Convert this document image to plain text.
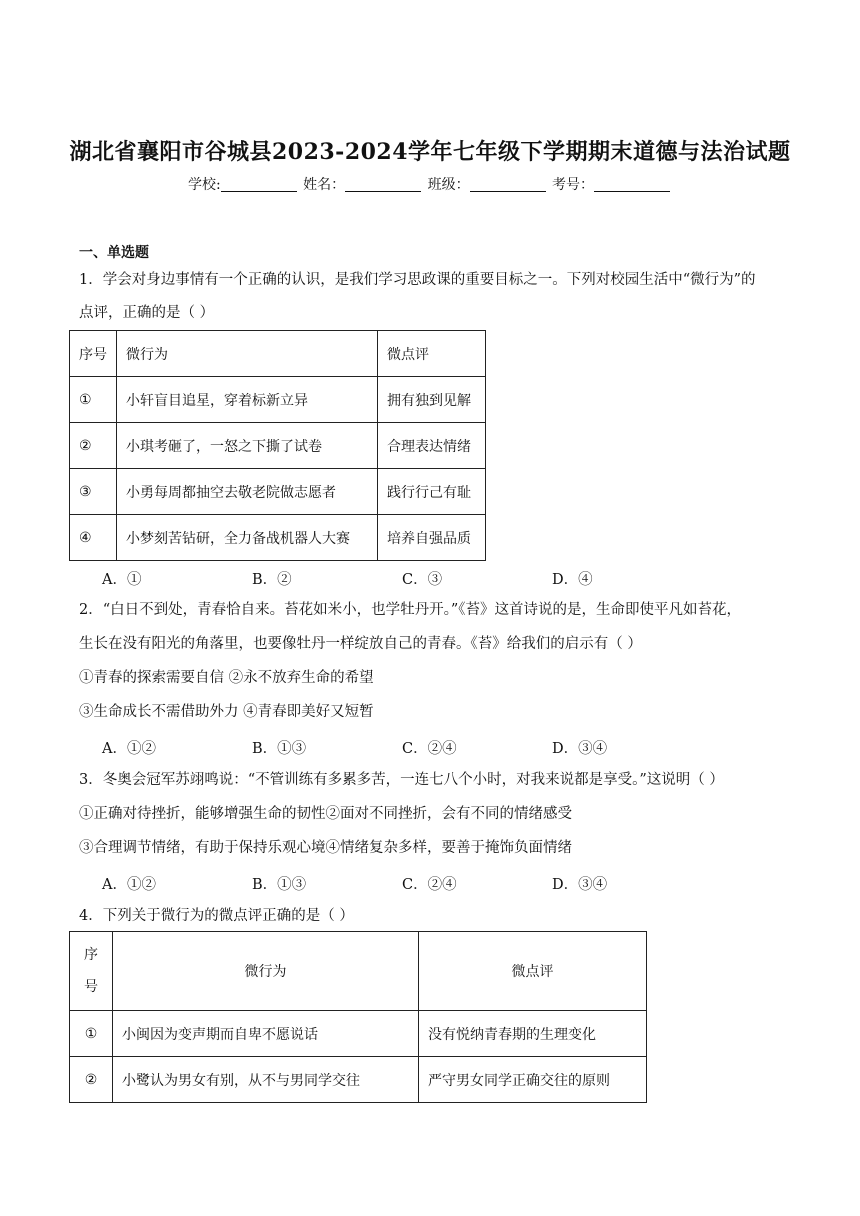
湖北省襄阳市谷城县2023-2024学年七年级下学期期末道德与法治试题
学校:	姓名：	班级：	考号：
一、单选题
1．学会对身边事情有一个正确的认识，是我们学习思政课的重要目标之一。下列对校园生活中“微行为”的
点评，正确的是（ ）
序号	微行为	微点评
①	小轩盲目追星，穿着标新立异	拥有独到见解
②	小琪考砸了，一怒之下撕了试卷	合理表达情绪
③	小勇每周都抽空去敬老院做志愿者	践行行己有耻
④	小梦刻苦钻研，全力备战机器人大赛	培养自强品质
A．①	B．②	C．③	D．④
2．“白日不到处，青春恰自来。苔花如米小，也学牡丹开。”《苔》这首诗说的是，生命即使平凡如苔花，
生长在没有阳光的角落里，也要像牡丹一样绽放自己的青春。《苔》给我们的启示有（ ）
①青春的探索需要自信 ②永不放弃生命的希望
③生命成长不需借助外力 ④青春即美好又短暂
A．①②	B．①③	C．②④	D．③④
3．冬奥会冠军苏翊鸣说：“不管训练有多累多苦，一连七八个小时，对我来说都是享受。”这说明（ ）
①正确对待挫折，能够增强生命的韧性②面对不同挫折，会有不同的情绪感受
③合理调节情绪，有助于保持乐观心境④情绪复杂多样，要善于掩饰负面情绪
A．①②	B．①③	C．②④	D．③④
4．下列关于微行为的微点评正确的是（ ）
序
号	微行为	微点评
①	小闽因为变声期而自卑不愿说话	没有悦纳青春期的生理变化
②	小鹭认为男女有别，从不与男同学交往	严守男女同学正确交往的原则
